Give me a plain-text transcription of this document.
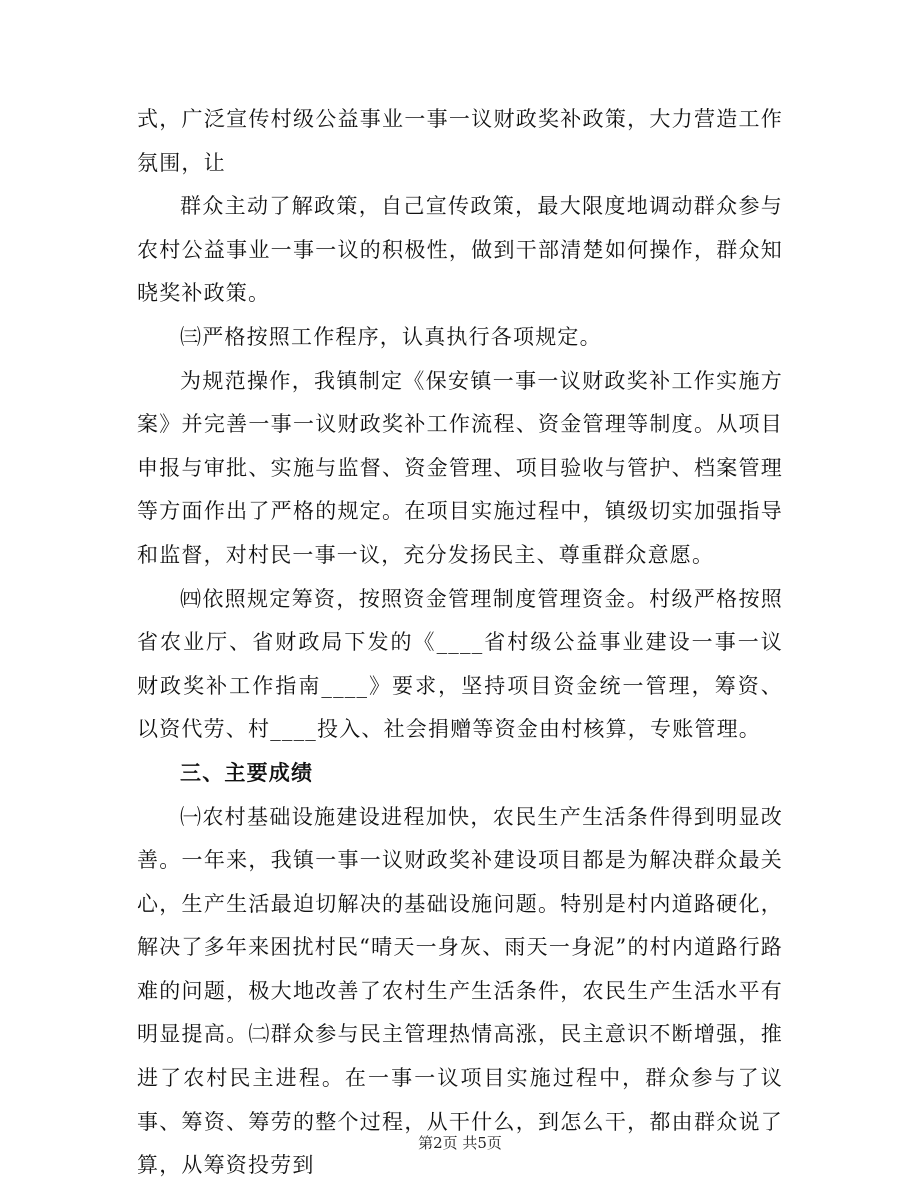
式，广泛宣传村级公益事业一事一议财政奖补政策，大力营造工作氛围，让

群众主动了解政策，自己宣传政策，最大限度地调动群众参与农村公益事业一事一议的积极性，做到干部清楚如何操作，群众知晓奖补政策。

㈢严格按照工作程序，认真执行各项规定。

为规范操作，我镇制定《保安镇一事一议财政奖补工作实施方案》并完善一事一议财政奖补工作流程、资金管理等制度。从项目申报与审批、实施与监督、资金管理、项目验收与管护、档案管理等方面作出了严格的规定。在项目实施过程中，镇级切实加强指导和监督，对村民一事一议，充分发扬民主、尊重群众意愿。

㈣依照规定筹资，按照资金管理制度管理资金。村级严格按照省农业厅、省财政局下发的《____省村级公益事业建设一事一议财政奖补工作指南____》要求，坚持项目资金统一管理，筹资、以资代劳、村____投入、社会捐赠等资金由村核算，专账管理。

三、主要成绩

㈠农村基础设施建设进程加快，农民生产生活条件得到明显改善。一年来，我镇一事一议财政奖补建设项目都是为解决群众最关心，生产生活最迫切解决的基础设施问题。特别是村内道路硬化，解决了多年来困扰村民“晴天一身灰、雨天一身泥”的村内道路行路难的问题，极大地改善了农村生产生活条件，农民生产生活水平有明显提高。㈡群众参与民主管理热情高涨，民主意识不断增强，推进了农村民主进程。在一事一议项目实施过程中，群众参与了议事、筹资、筹劳的整个过程，从干什么，到怎么干，都由群众说了算，从筹资投劳到

第2页 共5页
